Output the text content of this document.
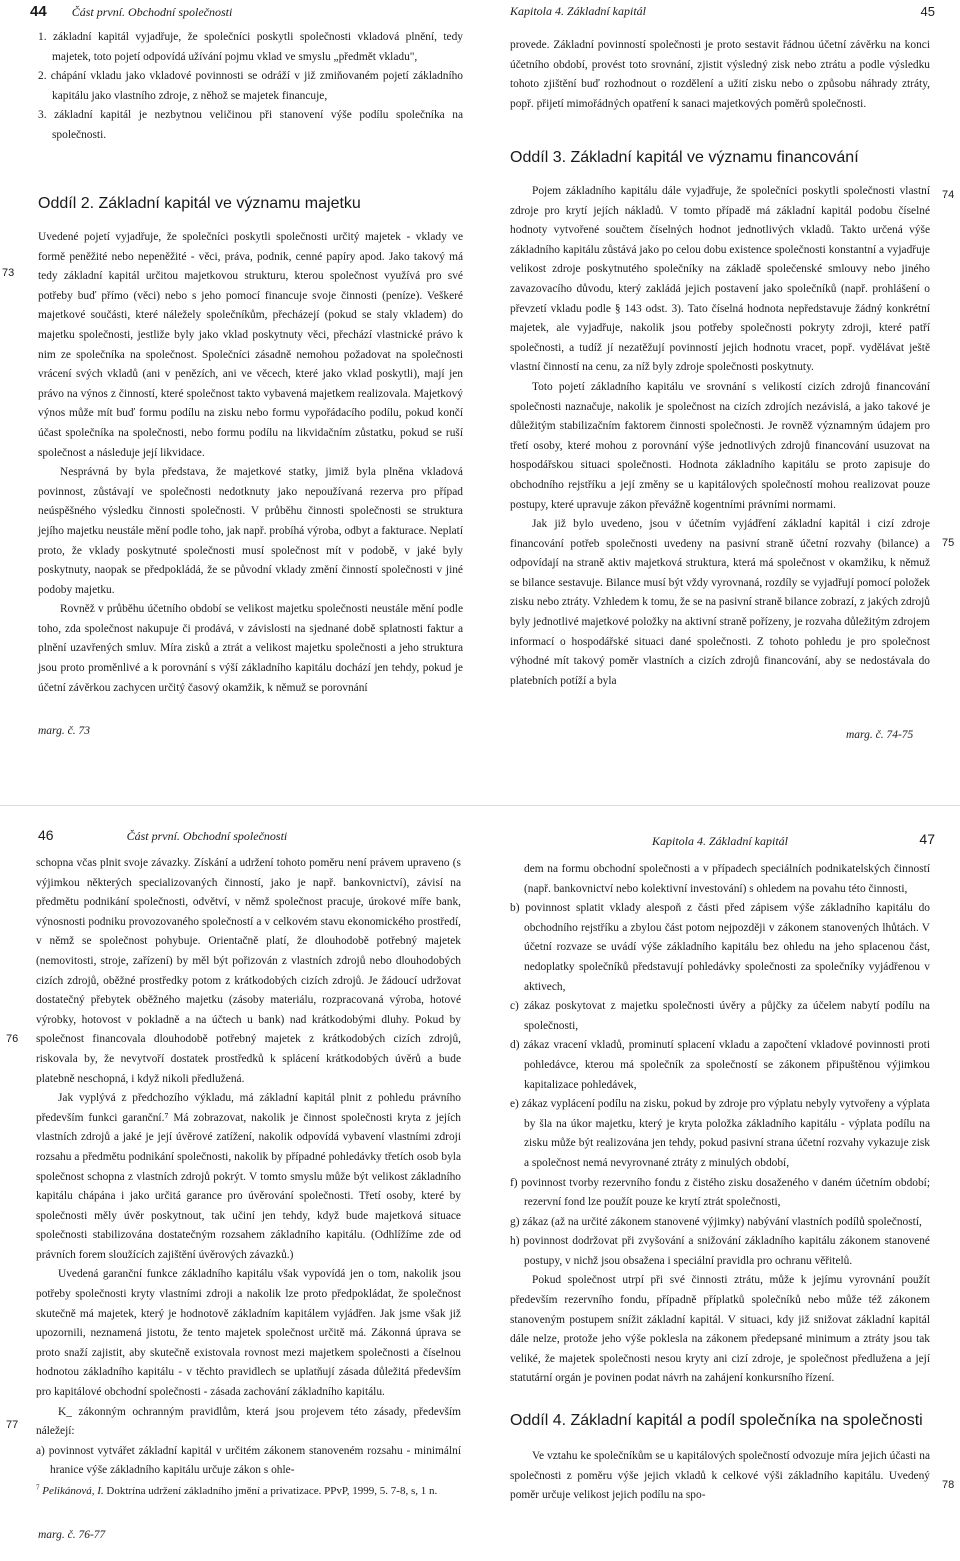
44 Část první. Obchodní společnosti

1. základní kapitál vyjadřuje, že společníci poskytli společnosti vkladová plnění, tedy majetek, toto pojetí odpovídá užívání pojmu vklad ve smyslu „předmět vkladu",

2. chápání vkladu jako vkladové povinnosti se odráží v již zmiňovaném pojetí základního kapitálu jako vlastního zdroje, z něhož se majetek financuje,

3. základní kapitál je nezbytnou veličinou při stanovení výše podílu společníka na společnosti.

Oddíl 2. Základní kapitál ve významu majetku

Uvedené pojetí vyjadřuje, že společníci poskytli společnosti určitý majetek - vklady ve formě peněžité nebo nepeněžité - věci, práva, podnik, cenné papíry apod. Jako takový má tedy základní kapitál určitou majetkovou strukturu, kterou společnost využívá pro své potřeby buď přímo (věci) nebo s jeho pomocí financuje svoje činnosti (peníze). Veškeré majetkové součásti, které náležely společníkům, přecházejí (pokud se staly vkladem) do majetku společnosti, jestliže byly jako vklad poskytnuty věci, přechází vlastnické právo k nim ze společníka na společnost. Společníci zásadně nemohou požadovat na společnosti vrácení svých vkladů (ani v penězích, ani ve věcech, které jako vklad poskytli), mají jen právo na výnos z činností, které společnost takto vybavená majetkem realizovala. Majetkový výnos může mít buď formu podílu na zisku nebo formu vypořádacího podílu, pokud končí účast společníka na společnosti, nebo formu podílu na likvidačním zůstatku, pokud se ruší společnost a následuje její likvidace.

Nesprávná by byla představa, že majetkové statky, jimiž byla plněna vkladová povinnost, zůstávají ve společnosti nedotknuty jako nepoužívaná rezerva pro případ neúspěšného výsledku činnosti společnosti. V průběhu činnosti společnosti se struktura jejího majetku neustále mění podle toho, jak např. probíhá výroba, odbyt a fakturace. Neplatí proto, že vklady poskytnuté společnosti musí společnost mít v podobě, v jaké byly poskytnuty, naopak se předpokládá, že se původní vklady změní činností společnosti v jiné podoby majetku.

Rovněž v průběhu účetního období se velikost majetku společnosti neustále mění podle toho, zda společnost nakupuje či prodává, v závislosti na sjednané době splatnosti faktur a plnění uzavřených smluv. Míra zisků a ztrát a velikost majetku společnosti a jeho struktura jsou proto proměnlivé a k porovnání s výší základního kapitálu dochází jen tehdy, pokud je účetní závěrkou zachycen určitý časový okamžik, k němuž se porovnání

73
marg. č. 73
Kapitola 4. Základní kapitál	45

provede. Základní povinností společnosti je proto sestavit řádnou účetní závěrku na konci účetního období, provést toto srovnání, zjistit výsledný zisk nebo ztrátu a podle výsledku tohoto zjištění buď rozhodnout o rozdělení a užití zisku nebo o způsobu náhrady ztráty, popř. přijetí mimořádných opatření k sanaci majetkových poměrů společnosti.

Oddíl 3. Základní kapitál ve významu financování

Pojem základního kapitálu dále vyjadřuje, že společníci poskytli společnosti vlastní zdroje pro krytí jejích nákladů. V tomto případě má základní kapitál podobu číselné hodnoty vytvořené součtem číselných hodnot jednotlivých vkladů. Takto určená výše základního kapitálu zůstává jako po celou dobu existence společnosti konstantní a vyjadřuje velikost zdroje poskytnutého společníky na základě společenské smlouvy nebo jiného zavazovacího důvodu, který zakládá jejich postavení jako společníků (např. prohlášení o převzetí vkladu podle § 143 odst. 3). Tato číselná hodnota nepředstavuje žádný konkrétní majetek, ale vyjadřuje, nakolik jsou potřeby společnosti pokryty zdroji, které patří společnosti, a tudíž jí nezatěžují povinností jejich hodnotu vracet, popř. vydělávat ještě vlastní činností na cenu, za níž byly zdroje společnosti poskytnuty.

Toto pojetí základního kapitálu ve srovnání s velikostí cizích zdrojů financování společnosti naznačuje, nakolik je společnost na cizích zdrojích nezávislá, a jako takové je důležitým stabilizačním faktorem činnosti společnosti. Je rovněž významným údajem pro třetí osoby, které mohou z porovnání výše jednotlivých zdrojů financování usuzovat na hospodářskou situaci společnosti. Hodnota základního kapitálu se proto zapisuje do obchodního rejstříku a její změny se u kapitálových společností mohou realizovat pouze postupy, které upravuje zákon převážně kogentními právními normami.

Jak již bylo uvedeno, jsou v účetním vyjádření základní kapitál i cizí zdroje financování potřeb společnosti uvedeny na pasivní straně účetní rozvahy (bilance) a odpovídají na straně aktiv majetková struktura, která má společnost v okamžiku, k němuž se bilance sestavuje. Bilance musí být vždy vyrovnaná, rozdíly se vyjadřují pomocí položek zisku nebo ztráty. Vzhledem k tomu, že se na pasivní straně bilance zobrazí, z jakých zdrojů byly jednotlivé majetkové položky na aktivní straně pořízeny, je rozvaha důležitým zdrojem informací o hospodářské situaci dané společnosti. Z tohoto pohledu je pro společnost výhodné mít takový poměr vlastních a cizích zdrojů financování, aby se nedostávala do platebních potíží a byla

74
75
marg. č. 74-75
46	Část první. Obchodní společnosti

schopna včas plnit svoje závazky. Získání a udržení tohoto poměru není právem upraveno (s výjimkou některých specializovaných činností, jako je např. bankovnictví), závisí na předmětu podnikání společnosti, odvětví, v němž společnost pracuje, úrokové míře bank, výnosnosti podniku provozovaného společností a v celkovém stavu ekonomického prostředí, v němž se společnost pohybuje. Orientačně platí, že dlouhodobě potřebný majetek (nemovitosti, stroje, zařízení) by měl být pořizován z vlastních zdrojů nebo dlouhodobých cizích zdrojů, oběžné prostředky potom z krátkodobých cizích zdrojů. Je žádoucí udržovat dostatečný přebytek oběžného majetku (zásoby materiálu, rozpracovaná výroba, hotové výrobky, hotovost v pokladně a na účtech u bank) nad krátkodobými dluhy. Pokud by společnost financovala dlouhodobě potřebný majetek z krátkodobých cizích zdrojů, riskovala by, že nevytvoří dostatek prostředků k splácení krátkodobých úvěrů a bude platebně neschopná, i když nikoli předlužená.

Jak vyplývá z předchozího výkladu, má základní kapitál plnit z pohledu právního především funkci garanční.⁷ Má zobrazovat, nakolik je činnost společnosti kryta z jejích vlastních zdrojů a jaké je její úvěrové zatížení, nakolik odpovídá vybavení vlastními zdroji rozsahu a předmětu podnikání společnosti, nakolik by případné pohledávky třetích osob byla společnost schopna z vlastních zdrojů pokrýt. V tomto smyslu může být velikost základního kapitálu chápána i jako určitá garance pro úvěrování společnosti. Třetí osoby, které by společnosti měly úvěr poskytnout, tak učiní jen tehdy, když bude majetková situace společnosti stabilizována dostatečným rozsahem základního kapitálu. (Odhlížíme zde od právních forem sloužících zajištění úvěrových závazků.)

Uvedená garanční funkce základního kapitálu však vypovídá jen o tom, nakolik jsou potřeby společnosti kryty vlastními zdroji a nakolik lze proto předpokládat, že společnost skutečně má majetek, který je hodnotově základním kapitálem vyjádřen. Jak jsme však již upozornili, neznamená jistotu, že tento majetek společnost určitě má. Zákonná úprava se proto snaží zajistit, aby skutečně existovala rovnost mezi majetkem společnosti a číselnou hodnotou základního kapitálu - v těchto pravidlech se uplatňují zásada důležitá především pro kapitálové obchodní společnosti - zásada zachování základního kapitálu.

K_ zákonným ochranným pravidlům, která jsou projevem této zásady, především náležejí:

a) povinnost vytvářet základní kapitál v určitém zákonem stanoveném rozsahu - minimální hranice výše základního kapitálu určuje zákon s ohle-

$^7$ Pelikánová, I. Doktrína udržení základního jmění a privatizace. PPvP, 1999, 5. 7-8, s, 1 n.

76
77
marg. č. 76-77
Kapitola 4. Základní kapitál	47

dem na formu obchodní společnosti a v případech speciálních podnikatelských činností (např. bankovnictví nebo kolektivní investování) s ohledem na povahu této činnosti,

b) povinnost splatit vklady alespoň z části před zápisem výše základního kapitálu do obchodního rejstříku a zbylou část potom nejpozději v zákonem stanovených lhůtách. V účetní rozvaze se uvádí výše základního kapitálu bez ohledu na jeho splacenou část, nedoplatky společníků představují pohledávky společnosti za společníky vyjádřenou v aktivech,

c) zákaz poskytovat z majetku společnosti úvěry a půjčky za účelem nabytí podílu na společnosti,

d) zákaz vracení vkladů, prominutí splacení vkladu a započtení vkladové povinnosti proti pohledávce, kterou má společník za společností se zákonem připuštěnou výjimkou kapitalizace pohledávek,

e) zákaz vyplácení podílu na zisku, pokud by zdroje pro výplatu nebyly vytvořeny a výplata by šla na úkor majetku, který je kryta položka základního kapitálu - výplata podílu na zisku může být realizována jen tehdy, pokud pasivní strana účetní rozvahy vykazuje zisk a společnost nemá nevyrovnané ztráty z minulých období,

f) povinnost tvorby rezervního fondu z čistého zisku dosaženého v daném účetním období; rezervní fond lze použít pouze ke krytí ztrát společnosti,

g) zákaz (až na určité zákonem stanovené výjimky) nabývání vlastních podílů společností,

h) povinnost dodržovat při zvyšování a snižování základního kapitálu zákonem stanovené postupy, v nichž jsou obsažena i speciální pravidla pro ochranu věřitelů.

Pokud společnost utrpí při své činnosti ztrátu, může k jejímu vyrovnání použít především rezervního fondu, případně příplatků společníků nebo může též zákonem stanoveným postupem snížit základní kapitál. V situaci, kdy již snižovat základní kapitál dále nelze, protože jeho výše poklesla na zákonem předepsané minimum a ztráty jsou tak veliké, že majetek společnosti nesou kryty ani cizí zdroje, je společnost předlužena a její statutární orgán je povinen podat návrh na zahájení konkursního řízení.

Oddíl 4. Základní kapitál a podíl společníka na společnosti

Ve vztahu ke společníkům se u kapitálových společností odvozuje míra jejich účasti na společnosti z poměru výše jejich vkladů k celkové výši základního kapitálu. Uvedený poměr určuje velikost jejich podílu na spo-

78
